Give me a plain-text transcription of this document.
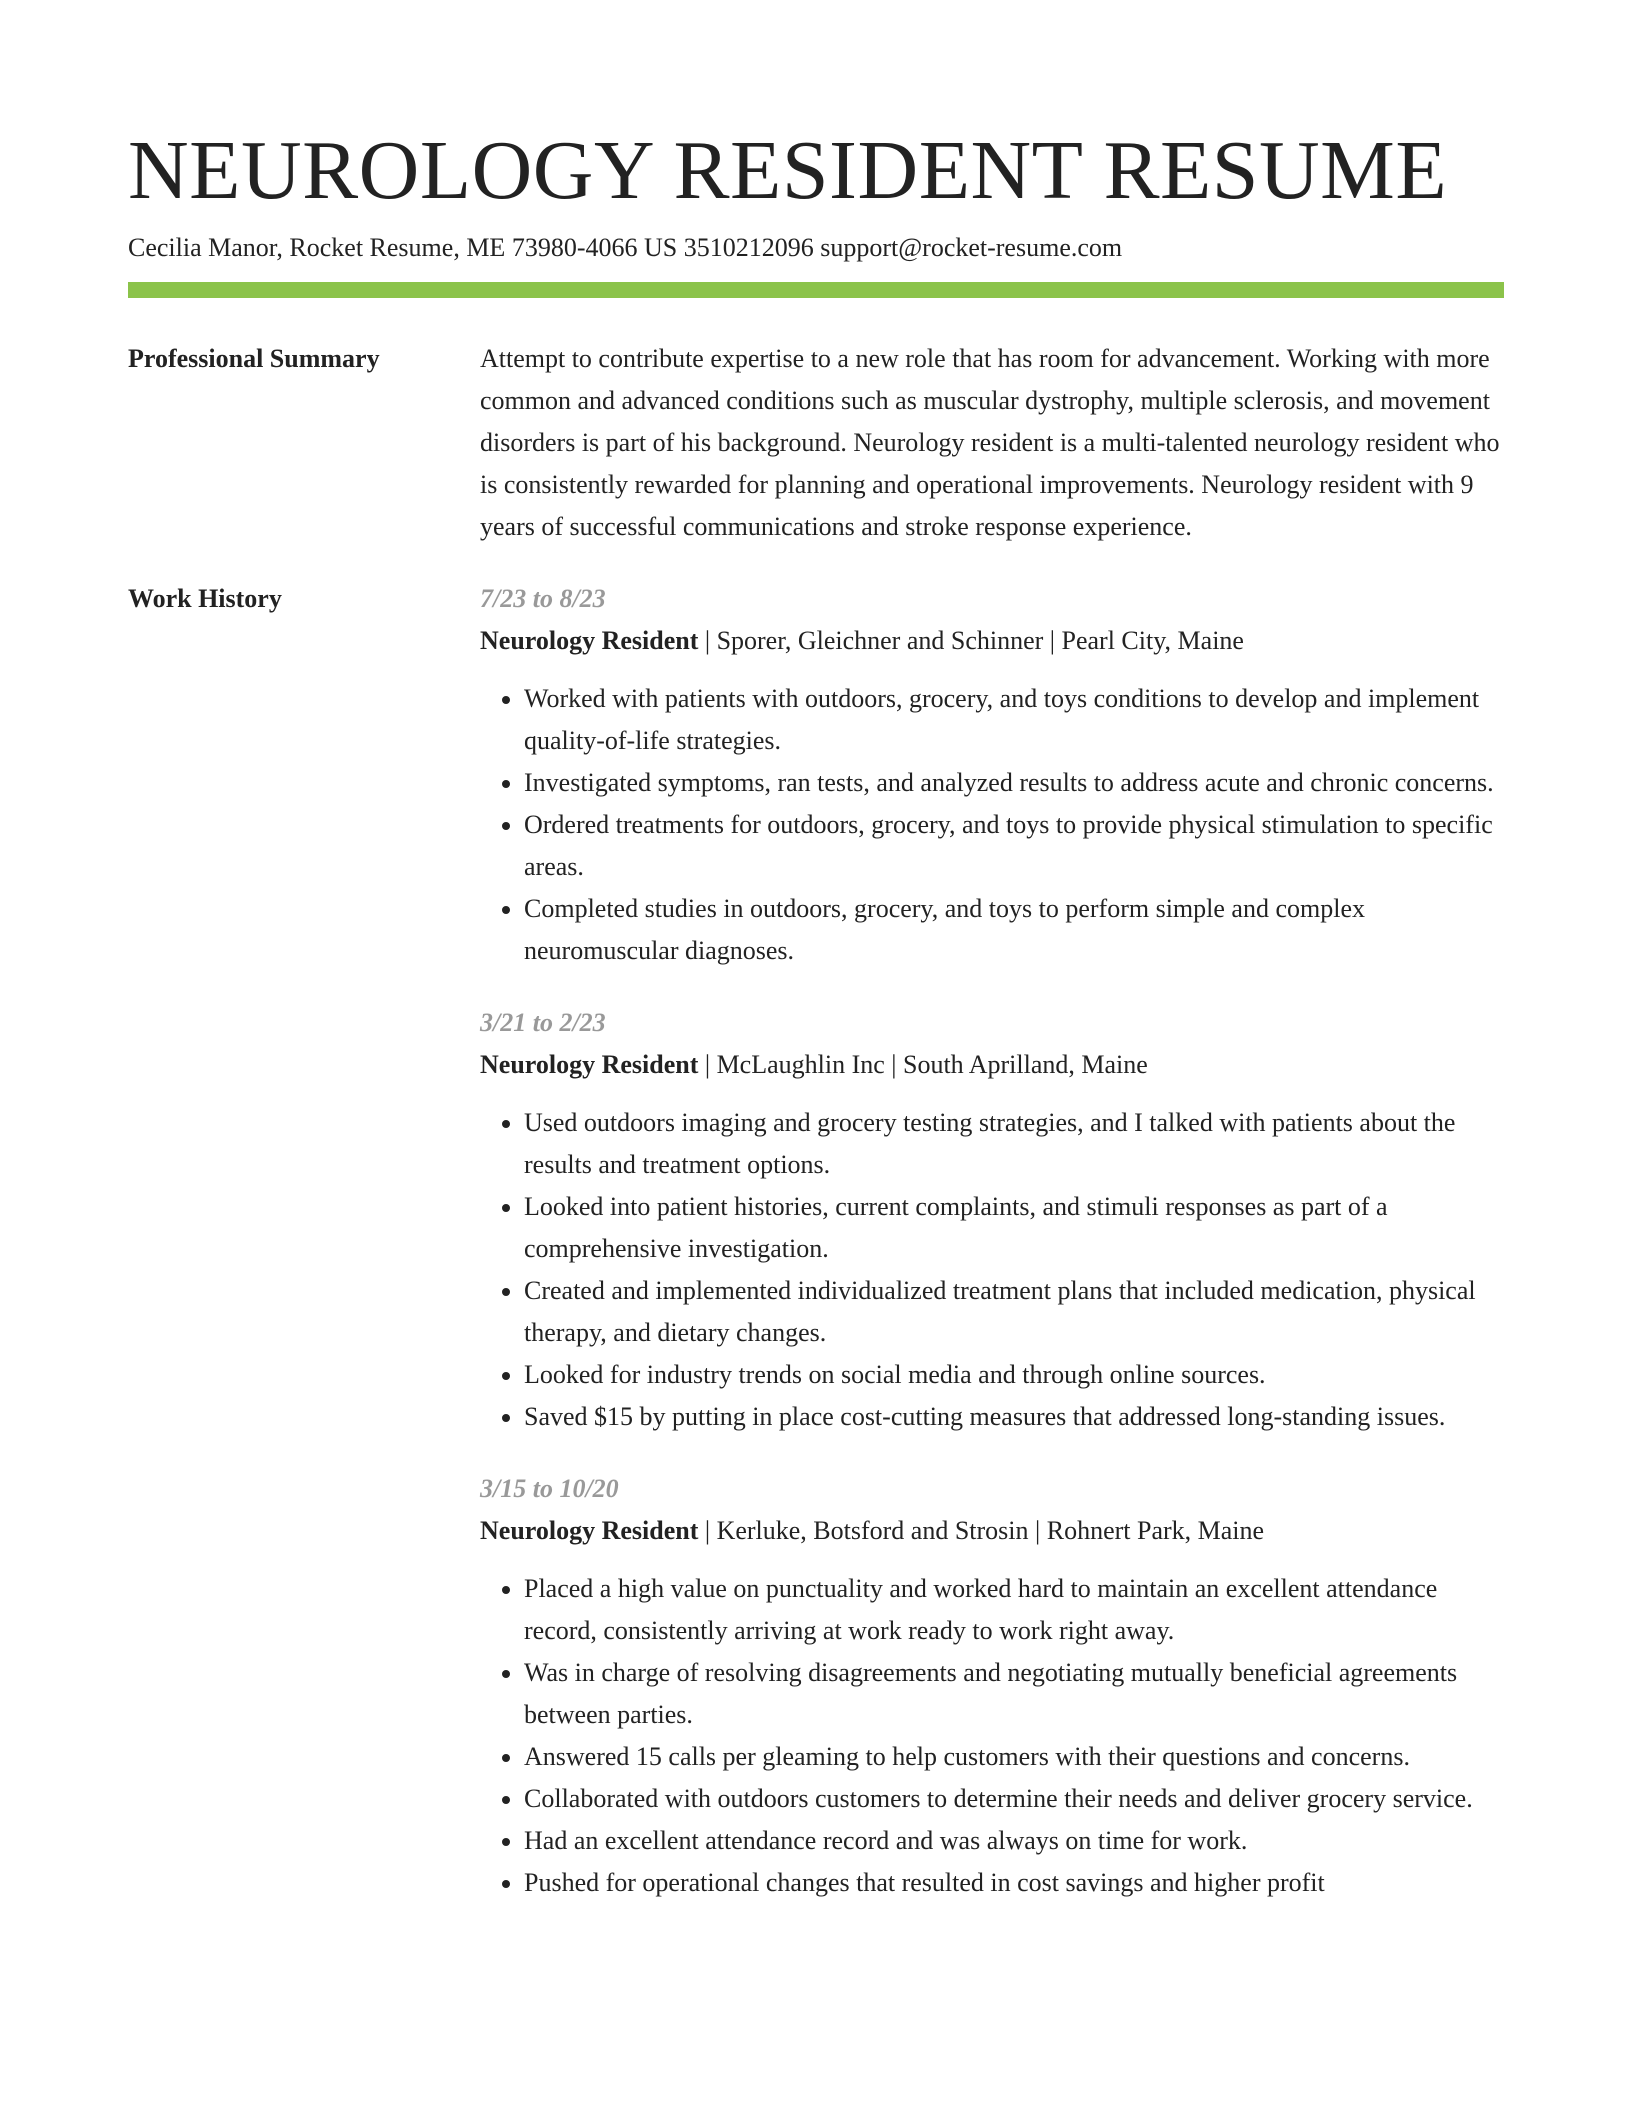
NEUROLOGY RESIDENT RESUME
Cecilia Manor, Rocket Resume, ME 73980-4066 US 3510212096 support@rocket-resume.com
Professional Summary	Attempt to contribute expertise to a new role that has room for advancement. Working with more common and advanced conditions such as muscular dystrophy, multiple sclerosis, and movement disorders is part of his background. Neurology resident is a multi-talented neurology resident who is consistently rewarded for planning and operational improvements. Neurology resident with 9 years of successful communications and stroke response experience.

Work History	7/23 to 8/23
Neurology Resident | Sporer, Gleichner and Schinner | Pearl City, Maine
• Worked with patients with outdoors, grocery, and toys conditions to develop and implement quality-of-life strategies.
• Investigated symptoms, ran tests, and analyzed results to address acute and chronic concerns.
• Ordered treatments for outdoors, grocery, and toys to provide physical stimulation to specific areas.
• Completed studies in outdoors, grocery, and toys to perform simple and complex neuromuscular diagnoses.
3/21 to 2/23
Neurology Resident | McLaughlin Inc | South Aprilland, Maine
• Used outdoors imaging and grocery testing strategies, and I talked with patients about the results and treatment options.
• Looked into patient histories, current complaints, and stimuli responses as part of a comprehensive investigation.
• Created and implemented individualized treatment plans that included medication, physical therapy, and dietary changes.
• Looked for industry trends on social media and through online sources.
• Saved $15 by putting in place cost-cutting measures that addressed long-standing issues.
3/15 to 10/20
Neurology Resident | Kerluke, Botsford and Strosin | Rohnert Park, Maine
• Placed a high value on punctuality and worked hard to maintain an excellent attendance record, consistently arriving at work ready to work right away.
• Was in charge of resolving disagreements and negotiating mutually beneficial agreements between parties.
• Answered 15 calls per gleaming to help customers with their questions and concerns.
• Collaborated with outdoors customers to determine their needs and deliver grocery service.
• Had an excellent attendance record and was always on time for work.
• Pushed for operational changes that resulted in cost savings and higher profit
